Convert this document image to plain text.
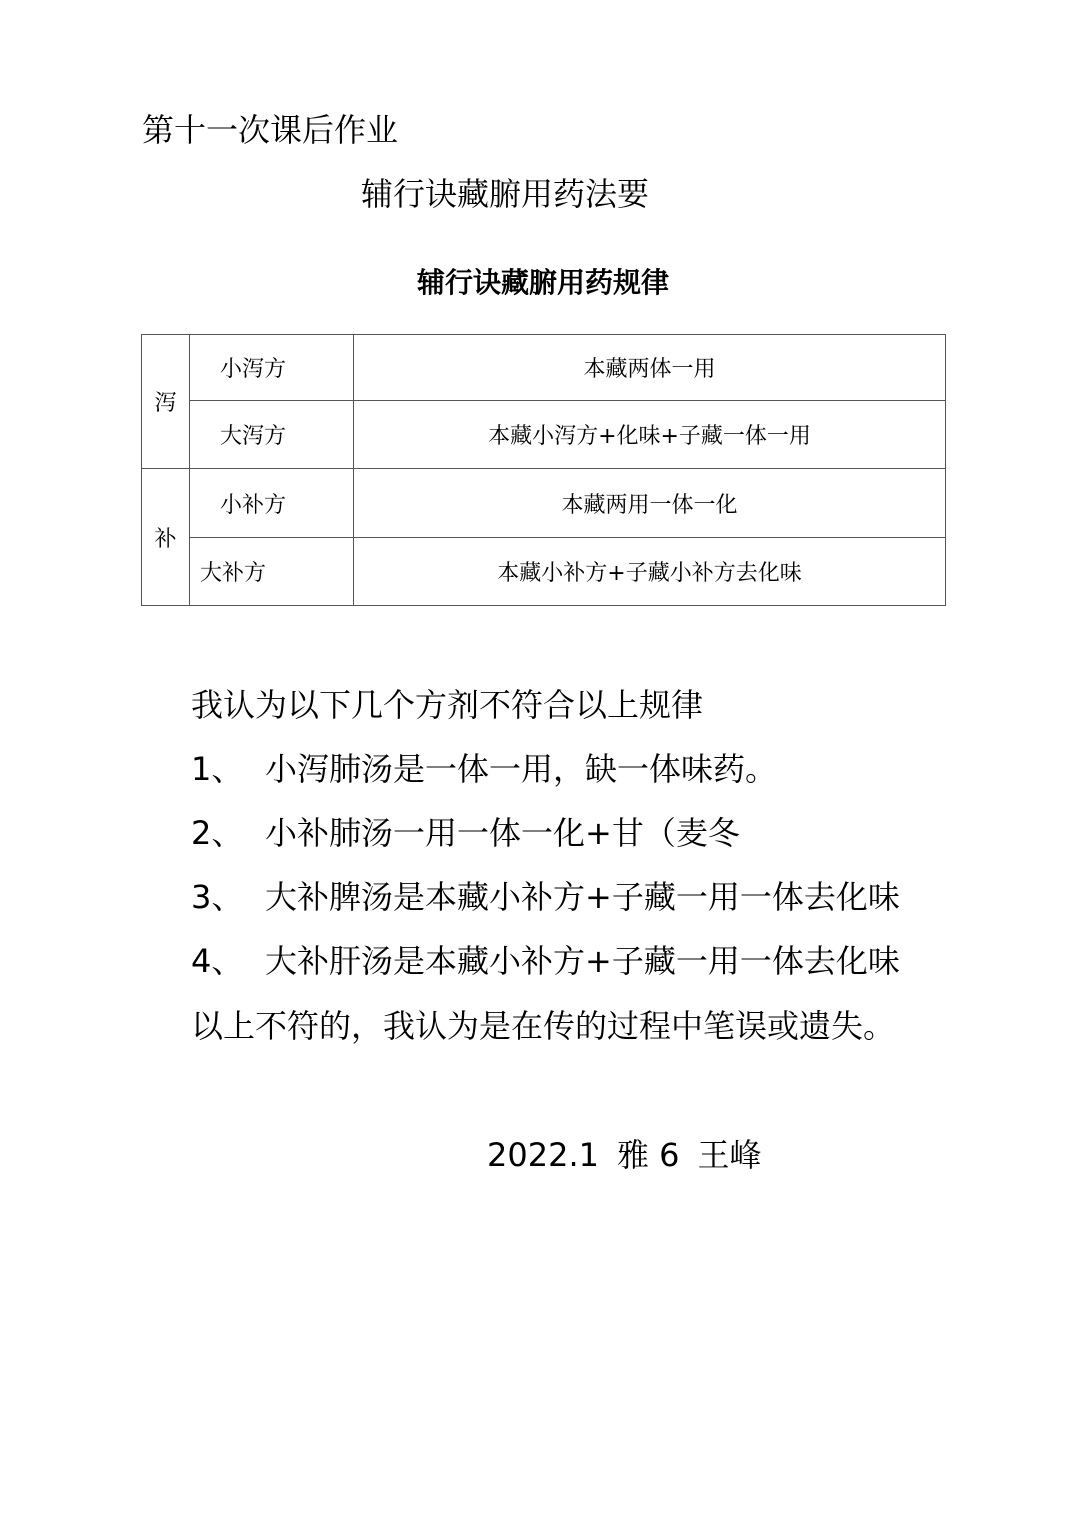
第十一次课后作业
辅行诀藏腑用药法要
辅行诀藏腑用药规律
泻	小泻方	本藏两体一用
	大泻方	本藏小泻方+化味+子藏一体一用
补	小补方	本藏两用一体一化
	大补方	本藏小补方+子藏小补方去化味
我认为以下几个方剂不符合以上规律
1、 小泻肺汤是一体一用，缺一体味药。
2、 小补肺汤一用一体一化+甘（麦冬
3、 大补脾汤是本藏小补方+子藏一用一体去化味
4、 大补肝汤是本藏小补方+子藏一用一体去化味
以上不符的，我认为是在传的过程中笔误或遗失。
2022.1 雅 6 王峰
